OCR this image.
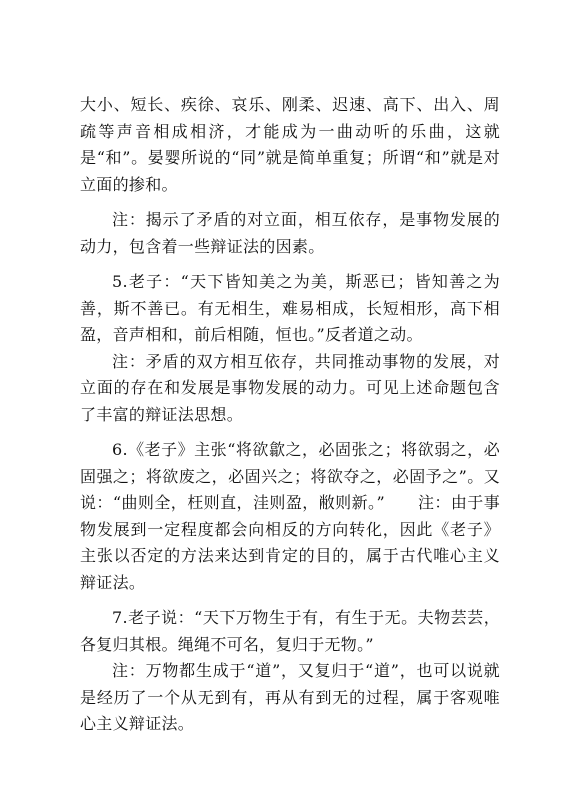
大小、短长、疾徐、哀乐、刚柔、迟速、高下、出入、周疏等声音相成相济，才能成为一曲动听的乐曲，这就是“和”。晏婴所说的“同”就是简单重复；所谓“和”就是对立面的掺和。

注：揭示了矛盾的对立面，相互依存，是事物发展的动力，包含着一些辩证法的因素。

5.老子：“天下皆知美之为美，斯恶已；皆知善之为善，斯不善已。有无相生，难易相成，长短相形，高下相盈，音声相和，前后相随，恒也。”反者道之动。

注：矛盾的双方相互依存，共同推动事物的发展，对立面的存在和发展是事物发展的动力。可见上述命题包含了丰富的辩证法思想。

6.《老子》主张“将欲歙之，必固张之；将欲弱之，必固强之；将欲废之，必固兴之；将欲夺之，必固予之”。又说：“曲则全，枉则直，洼则盈，敝则新。”　　注：由于事物发展到一定程度都会向相反的方向转化，因此《老子》主张以否定的方法来达到肯定的目的，属于古代唯心主义辩证法。

7.老子说：“天下万物生于有，有生于无。夫物芸芸，各复归其根。绳绳不可名，复归于无物。”

注：万物都生成于“道”，又复归于“道”，也可以说就是经历了一个从无到有，再从有到无的过程，属于客观唯心主义辩证法。
